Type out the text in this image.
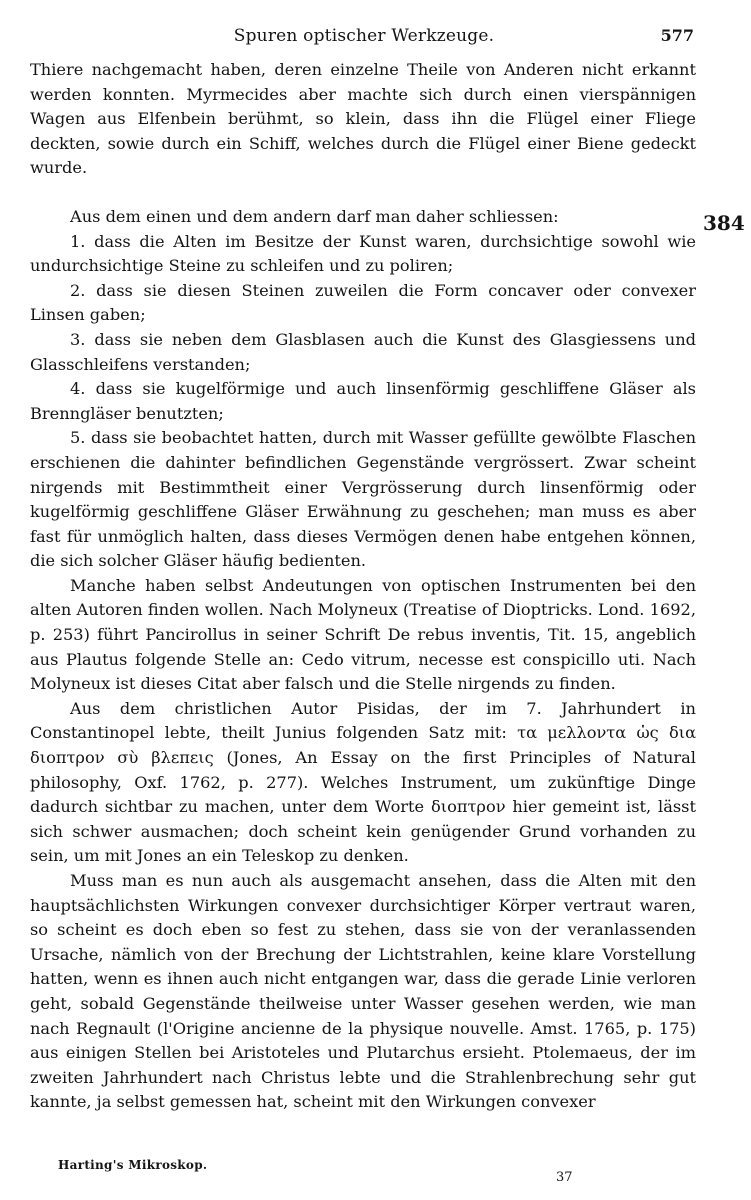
Spuren optischer Werkzeuge.	577
384

Thiere nachgemacht haben, deren einzelne Theile von Anderen nicht erkannt werden konnten. Myrmecides aber machte sich durch einen vierspännigen Wagen aus Elfenbein berühmt, so klein, dass ihn die Flügel einer Fliege deckten, sowie durch ein Schiff, welches durch die Flügel einer Biene gedeckt wurde.

Aus dem einen und dem andern darf man daher schliessen:

1. dass die Alten im Besitze der Kunst waren, durchsichtige sowohl wie undurchsichtige Steine zu schleifen und zu poliren;

2. dass sie diesen Steinen zuweilen die Form concaver oder convexer Linsen gaben;

3. dass sie neben dem Glasblasen auch die Kunst des Glasgiessens und Glasschleifens verstanden;

4. dass sie kugelförmige und auch linsenförmig geschliffene Gläser als Brenngläser benutzten;

5. dass sie beobachtet hatten, durch mit Wasser gefüllte gewölbte Flaschen erschienen die dahinter befindlichen Gegenstände vergrössert. Zwar scheint nirgends mit Bestimmtheit einer Vergrösserung durch linsenförmig oder kugelförmig geschliffene Gläser Erwähnung zu geschehen; man muss es aber fast für unmöglich halten, dass dieses Vermögen denen habe entgehen können, die sich solcher Gläser häufig bedienten.

Manche haben selbst Andeutungen von optischen Instrumenten bei den alten Autoren finden wollen. Nach Molyneux (Treatise of Dioptricks. Lond. 1692, p. 253) führt Pancirollus in seiner Schrift De rebus inventis, Tit. 15, angeblich aus Plautus folgende Stelle an: Cedo vitrum, necesse est conspicillo uti. Nach Molyneux ist dieses Citat aber falsch und die Stelle nirgends zu finden.

Aus dem christlichen Autor Pisidas, der im 7. Jahrhundert in Constantinopel lebte, theilt Junius folgenden Satz mit: τα μελλοντα ὡς δια διοπτρον σὺ βλεπεις (Jones, An Essay on the first Principles of Natural philosophy, Oxf. 1762, p. 277). Welches Instrument, um zukünftige Dinge dadurch sichtbar zu machen, unter dem Worte διοπτρον hier gemeint ist, lässt sich schwer ausmachen; doch scheint kein genügender Grund vorhanden zu sein, um mit Jones an ein Teleskop zu denken.

Muss man es nun auch als ausgemacht ansehen, dass die Alten mit den hauptsächlichsten Wirkungen convexer durchsichtiger Körper vertraut waren, so scheint es doch eben so fest zu stehen, dass sie von der veranlassenden Ursache, nämlich von der Brechung der Lichtstrahlen, keine klare Vorstellung hatten, wenn es ihnen auch nicht entgangen war, dass die gerade Linie verloren geht, sobald Gegenstände theilweise unter Wasser gesehen werden, wie man nach Regnault (l'Origine ancienne de la physique nouvelle. Amst. 1765, p. 175) aus einigen Stellen bei Aristoteles und Plutarchus ersieht. Ptolemaeus, der im zweiten Jahrhundert nach Christus lebte und die Strahlenbrechung sehr gut kannte, ja selbst gemessen hat, scheint mit den Wirkungen convexer

Harting's Mikroskop.
37
